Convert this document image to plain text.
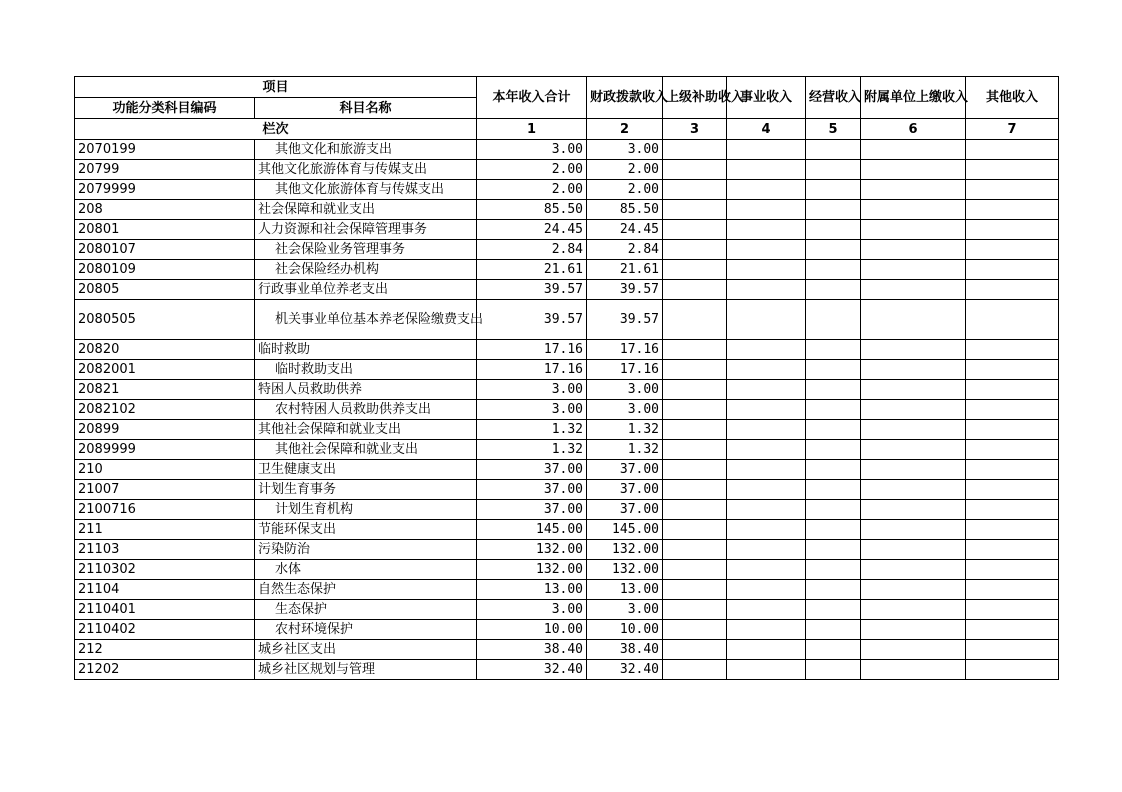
项目		本年收入合计	财政拨款收入	上级补助收入	事业收入	经营收入	附属单位上缴收入	其他收入
功能分类科目编码	科目名称							
栏次		1	2	3	4	5	6	7
2070199	其他文化和旅游支出	3.00	3.00					
20799	其他文化旅游体育与传媒支出	2.00	2.00					
2079999	其他文化旅游体育与传媒支出	2.00	2.00					
208	社会保障和就业支出	85.50	85.50					
20801	人力资源和社会保障管理事务	24.45	24.45					
2080107	社会保险业务管理事务	2.84	2.84					
2080109	社会保险经办机构	21.61	21.61					
20805	行政事业单位养老支出	39.57	39.57					
2080505	机关事业单位基本养老保险缴费支出	39.57	39.57					
20820	临时救助	17.16	17.16					
2082001	临时救助支出	17.16	17.16					
20821	特困人员救助供养	3.00	3.00					
2082102	农村特困人员救助供养支出	3.00	3.00					
20899	其他社会保障和就业支出	1.32	1.32					
2089999	其他社会保障和就业支出	1.32	1.32					
210	卫生健康支出	37.00	37.00					
21007	计划生育事务	37.00	37.00					
2100716	计划生育机构	37.00	37.00					
211	节能环保支出	145.00	145.00					
21103	污染防治	132.00	132.00					
2110302	水体	132.00	132.00					
21104	自然生态保护	13.00	13.00					
2110401	生态保护	3.00	3.00					
2110402	农村环境保护	10.00	10.00					
212	城乡社区支出	38.40	38.40					
21202	城乡社区规划与管理	32.40	32.40					
